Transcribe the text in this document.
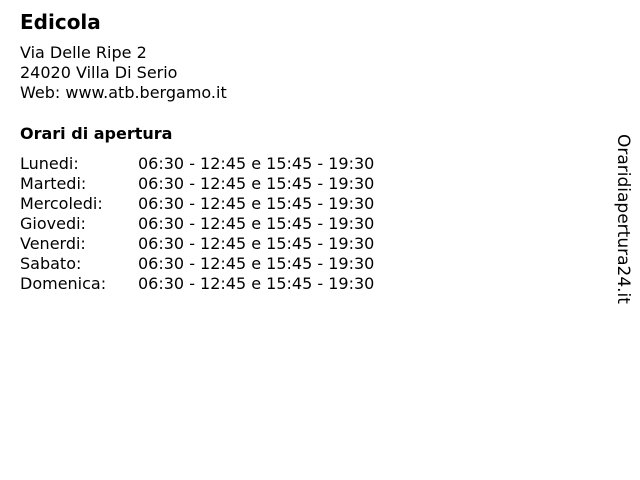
Edicola
Via Delle Ripe 2
24020 Villa Di Serio
Web: www.atb.bergamo.it
Orari di apertura
Lunedi:	06:30 - 12:45 e 15:45 - 19:30
Martedi:	06:30 - 12:45 e 15:45 - 19:30
Mercoledi:	06:30 - 12:45 e 15:45 - 19:30
Giovedi:	06:30 - 12:45 e 15:45 - 19:30
Venerdi:	06:30 - 12:45 e 15:45 - 19:30
Sabato:	06:30 - 12:45 e 15:45 - 19:30
Domenica:	06:30 - 12:45 e 15:45 - 19:30	Oraridiapertura24.it
